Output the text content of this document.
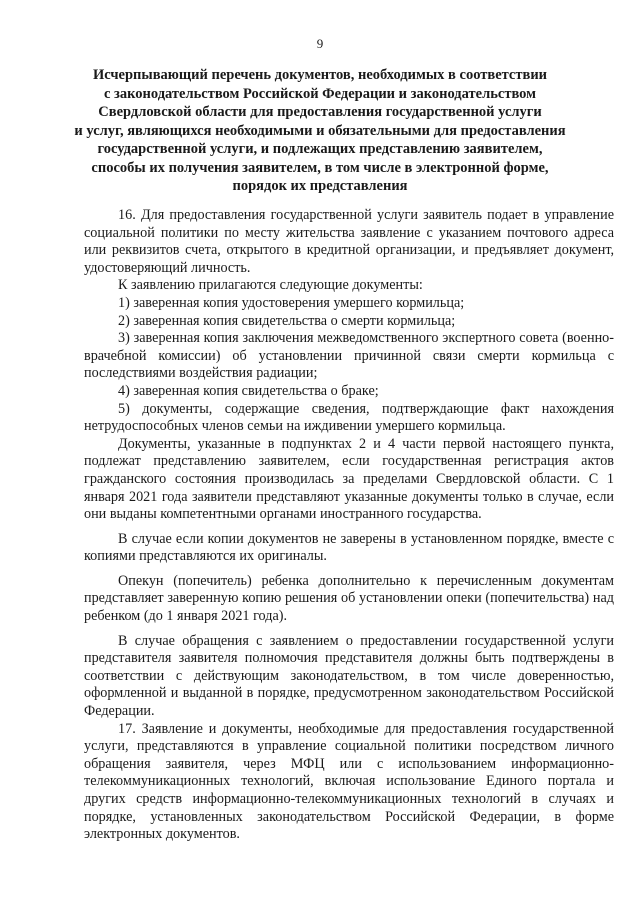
9
Исчерпывающий перечень документов, необходимых в соответствии
с законодательством Российской Федерации и законодательством
Свердловской области для предоставления государственной услуги
и услуг, являющихся необходимыми и обязательными для предоставления
государственной услуги, и подлежащих представлению заявителем,
способы их получения заявителем, в том числе в электронной форме,
порядок их представления

16. Для предоставления государственной услуги заявитель подает в управление социальной политики по месту жительства заявление с указанием почтового адреса или реквизитов счета, открытого в кредитной организации, и предъявляет документ, удостоверяющий личность.

К заявлению прилагаются следующие документы:

1) заверенная копия удостоверения умершего кормильца;

2) заверенная копия свидетельства о смерти кормильца;

3) заверенная копия заключения межведомственного экспертного совета (военно-врачебной комиссии) об установлении причинной связи смерти кормильца с последствиями воздействия радиации;

4) заверенная копия свидетельства о браке;

5) документы, содержащие сведения, подтверждающие факт нахождения нетрудоспособных членов семьи на иждивении умершего кормильца.

Документы, указанные в подпунктах 2 и 4 части первой настоящего пункта, подлежат представлению заявителем, если государственная регистрация актов гражданского состояния производилась за пределами Свердловской области. С 1 января 2021 года заявители представляют указанные документы только в случае, если они выданы компетентными органами иностранного государства.

В случае если копии документов не заверены в установленном порядке, вместе с копиями представляются их оригиналы.

Опекун (попечитель) ребенка дополнительно к перечисленным документам представляет заверенную копию решения об установлении опеки (попечительства) над ребенком (до 1 января 2021 года).

В случае обращения с заявлением о предоставлении государственной услуги представителя заявителя полномочия представителя должны быть подтверждены в соответствии с действующим законодательством, в том числе доверенностью, оформленной и выданной в порядке, предусмотренном законодательством Российской Федерации.

17. Заявление и документы, необходимые для предоставления государственной услуги, представляются в управление социальной политики посредством личного обращения заявителя, через МФЦ или с использованием информационно-телекоммуникационных технологий, включая использование Единого портала и других средств информационно-телекоммуникационных технологий в случаях и порядке, установленных законодательством Российской Федерации, в форме электронных документов.
